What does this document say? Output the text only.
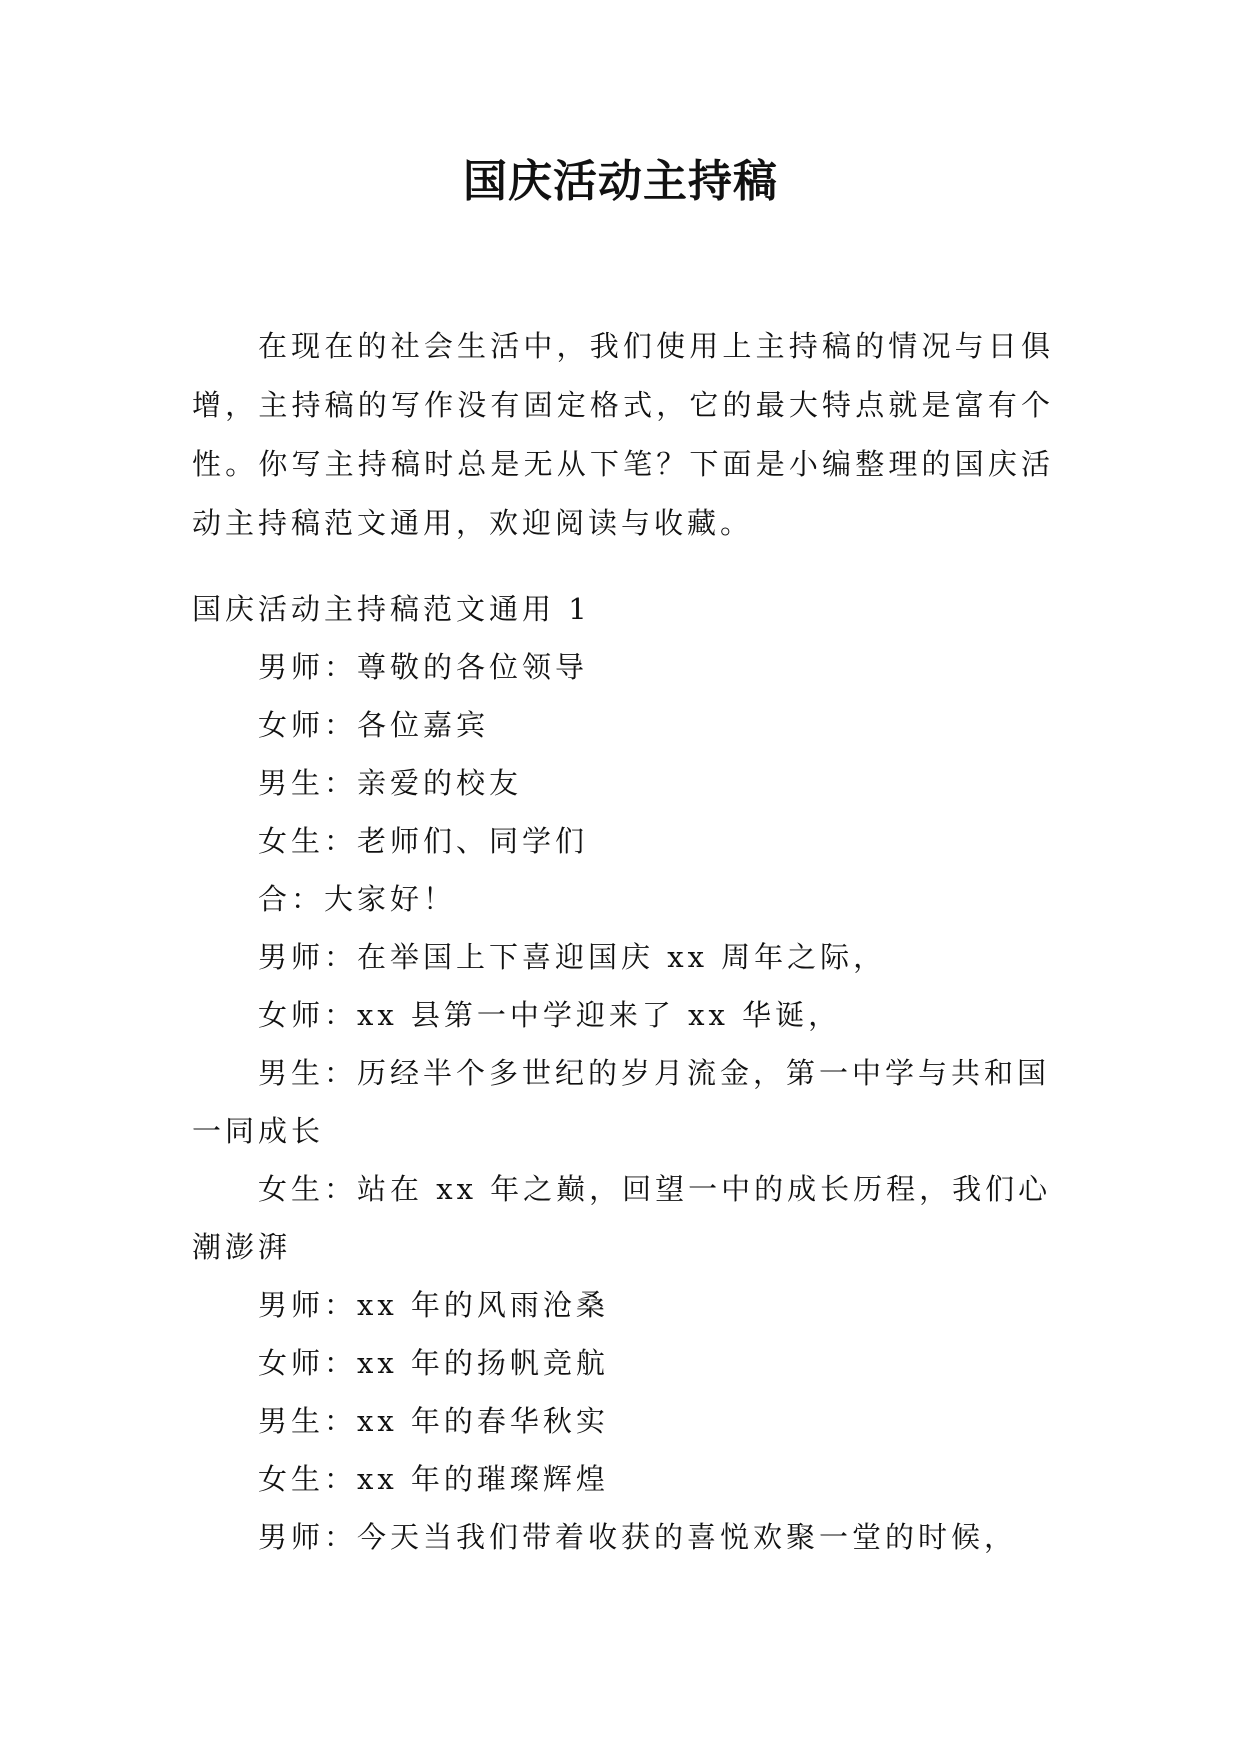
国庆活动主持稿

在现在的社会生活中，我们使用上主持稿的情况与日俱增，主持稿的写作没有固定格式，它的最大特点就是富有个性。你写主持稿时总是无从下笔？下面是小编整理的国庆活动主持稿范文通用，欢迎阅读与收藏。

国庆活动主持稿范文通用 1

男师：尊敬的各位领导

女师：各位嘉宾

男生：亲爱的校友

女生：老师们、同学们

合：大家好！

男师：在举国上下喜迎国庆 xx 周年之际，

女师：xx 县第一中学迎来了 xx 华诞，

男生：历经半个多世纪的岁月流金，第一中学与共和国一同成长

女生：站在 xx 年之巅，回望一中的成长历程，我们心潮澎湃

男师：xx 年的风雨沧桑

女师：xx 年的扬帆竞航

男生：xx 年的春华秋实

女生：xx 年的璀璨辉煌

男师：今天当我们带着收获的喜悦欢聚一堂的时候，
